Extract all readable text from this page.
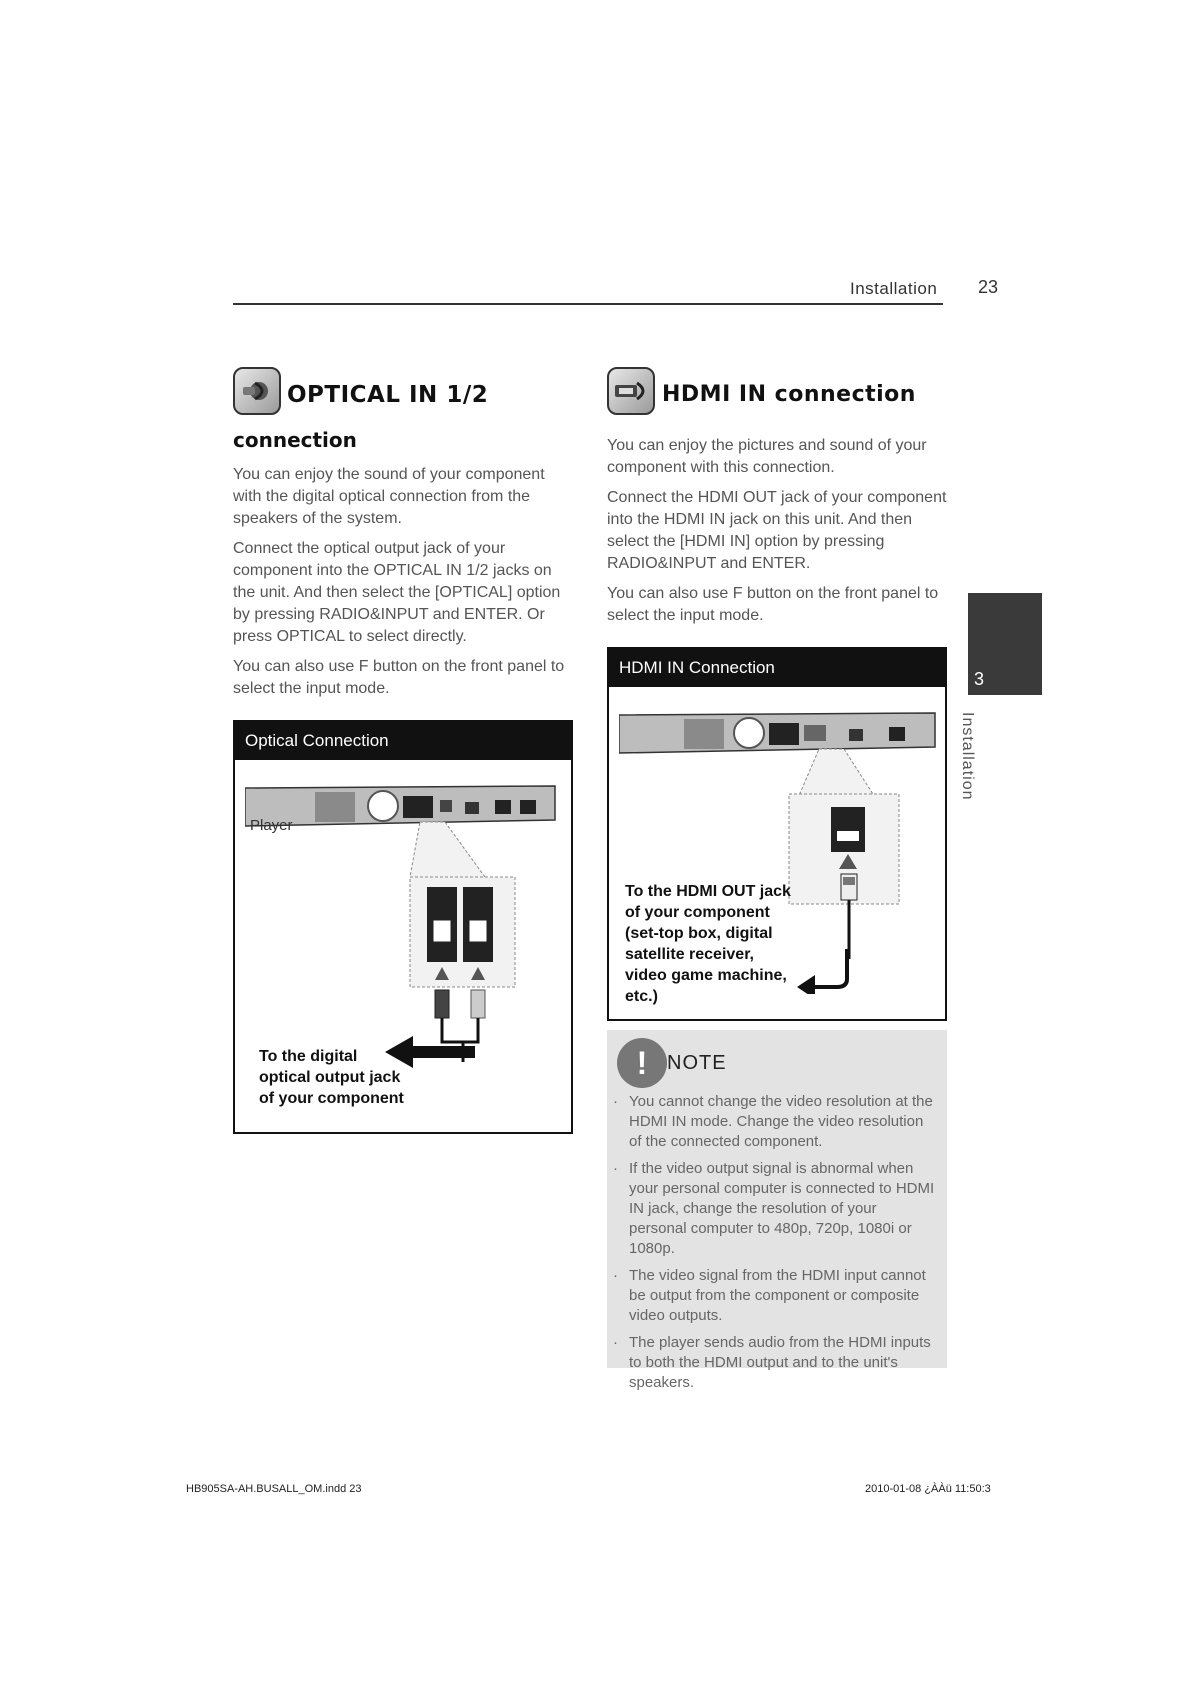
Installation 23
OPTICAL IN 1/2
connection

You can enjoy the sound of your component with the digital optical connection from the speakers of the system.

Connect the optical output jack of your component into the OPTICAL IN 1/2 jacks on the unit. And then select the [OPTICAL] option by pressing RADIO&INPUT and ENTER. Or press OPTICAL to select directly.

You can also use F button on the front panel to select the input mode.

Optical Connection
Player
To the digital
optical output jack
of your component
HDMI IN connection

You can enjoy the pictures and sound of your component with this connection.

Connect the HDMI OUT jack of your component into the HDMI IN jack on this unit. And then select the [HDMI IN] option by pressing RADIO&INPUT and ENTER.

You can also use F button on the front panel to select the input mode.

HDMI IN Connection
To the HDMI OUT jack
of your component
(set-top box, digital
satellite receiver,
video game machine,
etc.)
! NOTE
· You cannot change the video resolution at the HDMI IN mode. Change the video resolution of the connected component.
· If the video output signal is abnormal when your personal computer is connected to HDMI IN jack, change the resolution of your personal computer to 480p, 720p, 1080i or 1080p.
· The video signal from the HDMI input cannot be output from the component or composite video outputs.
· The player sends audio from the HDMI inputs to both the HDMI output and to the unit's speakers.
3
Installation
HB905SA-AH.BUSALL_OM.indd 23	2010-01-08 ¿ÀÀü 11:50:3
